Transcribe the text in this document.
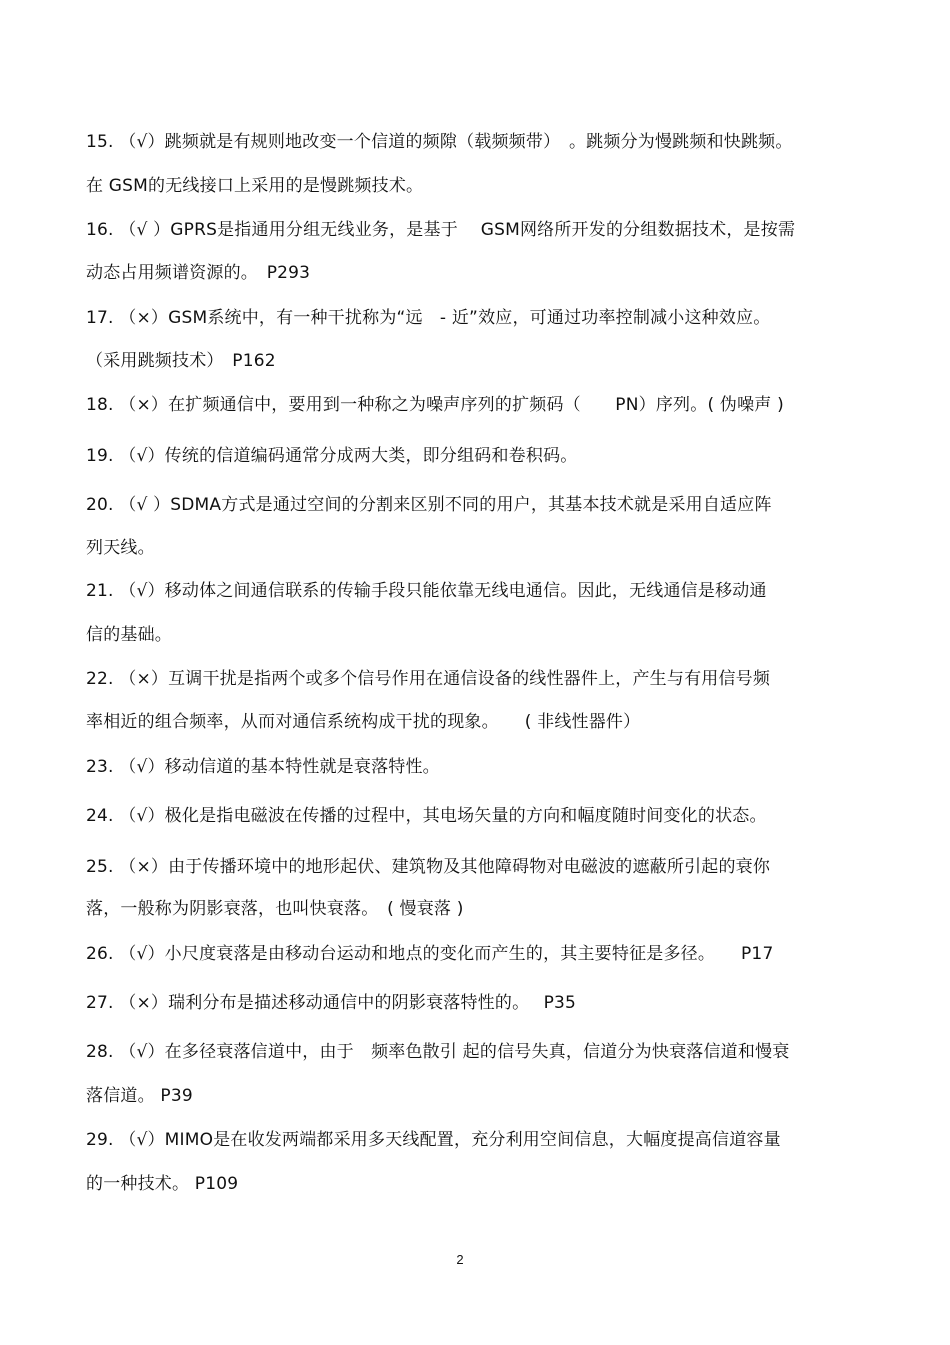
15. （√）跳频就是有规则地改变一个信道的频隙（载频频带）　。跳频分为慢跳频和快跳频。
在 GSM的无线接口上采用的是慢跳频技术。
16. （√ ）GPRS是指通用分组无线业务，是基于　 GSM网络所开发的分组数据技术，是按需
动态占用频谱资源的。　P293
17. （×）GSM系统中，有一种干扰称为“远　- 近”效应，可通过功率控制减小这种效应。
（采用跳频技术）　P162
18. （×）在扩频通信中，要用到一种称之为噪声序列的扩频码（　　PN）序列。( 伪噪声 )
19. （√）传统的信道编码通常分成两大类，即分组码和卷积码。
20. （√ ）SDMA方式是通过空间的分割来区别不同的用户，其基本技术就是采用自适应阵
列天线。
21. （√）移动体之间通信联系的传输手段只能依靠无线电通信。因此，无线通信是移动通
信的基础。
22. （×）互调干扰是指两个或多个信号作用在通信设备的线性器件上，产生与有用信号频
率相近的组合频率，从而对通信系统构成干扰的现象。　　( 非线性器件）
23. （√）移动信道的基本特性就是衰落特性。
24. （√）极化是指电磁波在传播的过程中，其电场矢量的方向和幅度随时间变化的状态。
25. （×）由于传播环境中的地形起伏、建筑物及其他障碍物对电磁波的遮蔽所引起的衰你
落，一般称为阴影衰落，也叫快衰落。　( 慢衰落 )
26. （√）小尺度衰落是由移动台运动和地点的变化而产生的，其主要特征是多径。　　P17
27. （×）瑞利分布是描述移动通信中的阴影衰落特性的。　 P35
28. （√）在多径衰落信道中，由于　频率色散引 起的信号失真，信道分为快衰落信道和慢衰
落信道。 P39
29. （√）MIMO是在收发两端都采用多天线配置，充分利用空间信息，大幅度提高信道容量
的一种技术。 P109
2
